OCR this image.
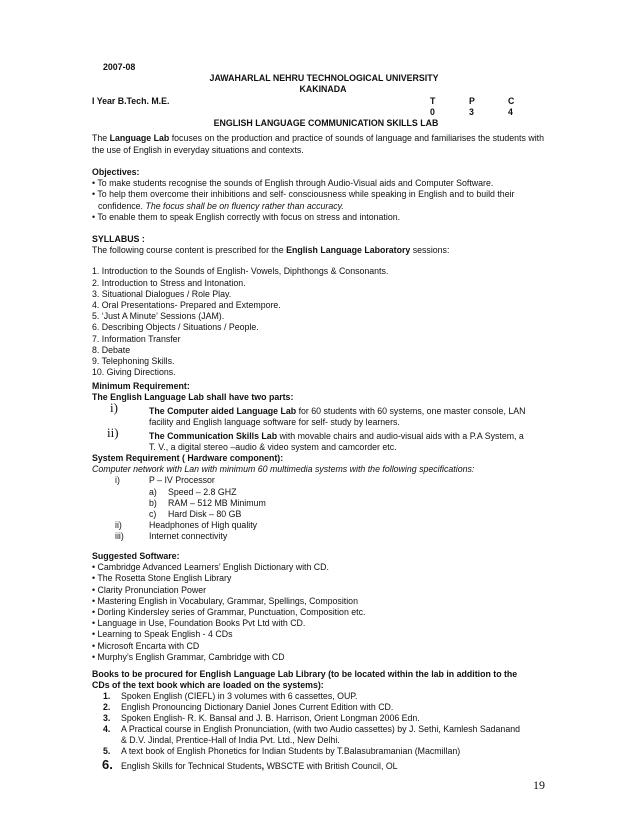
2007-08
JAWAHARLAL NEHRU TECHNOLOGICAL UNIVERSITY
KAKINADA
I Year B.Tech. M.E.	T	P	C
0	3	4
ENGLISH LANGUAGE COMMUNICATION SKILLS LAB
The Language Lab focuses on the production and practice of sounds of language and familiarises the students with the use of English in everyday situations and contexts.
Objectives:
• To make students recognise the sounds of English through Audio-Visual aids and Computer Software.
• To help them overcome their inhibitions and self- consciousness while speaking in English and to build their
confidence. The focus shall be on fluency rather than accuracy.
• To enable them to speak English correctly with focus on stress and intonation.
SYLLABUS :
The following course content is prescribed for the English Language Laboratory sessions:
1. Introduction to the Sounds of English- Vowels, Diphthongs & Consonants.
2. Introduction to Stress and Intonation.
3. Situational Dialogues / Role Play.
4. Oral Presentations- Prepared and Extempore.
5. ‘Just A Minute’ Sessions (JAM).
6. Describing Objects / Situations / People.
7. Information Transfer
8. Debate
9. Telephoning Skills.
10. Giving Directions.
Minimum Requirement:
The English Language Lab shall have two parts:
i)	The Computer aided Language Lab for 60 students with 60 systems, one master console, LAN
facility and English language software for self- study by learners.
ii)	The Communication Skills Lab with movable chairs and audio-visual aids with a P.A System, a
T. V., a digital stereo –audio & video system and camcorder etc.
System Requirement ( Hardware component):
Computer network with Lan with minimum 60 multimedia systems with the following specifications:
i)	P – IV Processor
a) Speed – 2.8 GHZ
b) RAM – 512 MB Minimum
c) Hard Disk – 80 GB
ii)	Headphones of High quality
iii)	Internet connectivity
Suggested Software:
• Cambridge Advanced Learners’ English Dictionary with CD.
• The Rosetta Stone English Library
• Clarity Pronunciation Power
• Mastering English in Vocabulary, Grammar, Spellings, Composition
• Dorling Kindersley series of Grammar, Punctuation, Composition etc.
• Language in Use, Foundation Books Pvt Ltd with CD.
• Learning to Speak English - 4 CDs
• Microsoft Encarta with CD
• Murphy’s English Grammar, Cambridge with CD
Books to be procured for English Language Lab Library (to be located within the lab in addition to the
CDs of the text book which are loaded on the systems):
1. Spoken English (CIEFL) in 3 volumes with 6 cassettes, OUP.
2. English Pronouncing Dictionary Daniel Jones Current Edition with CD.
3. Spoken English- R. K. Bansal and J. B. Harrison, Orient Longman 2006 Edn.
4. A Practical course in English Pronunciation, (with two Audio cassettes) by J. Sethi, Kamlesh Sadanand
& D.V. Jindal, Prentice-Hall of India Pvt. Ltd., New Delhi.
5. A text book of English Phonetics for Indian Students by T.Balasubramanian (Macmillan)
6. English Skills for Technical Students, WBSCTE with British Council, OL
19
